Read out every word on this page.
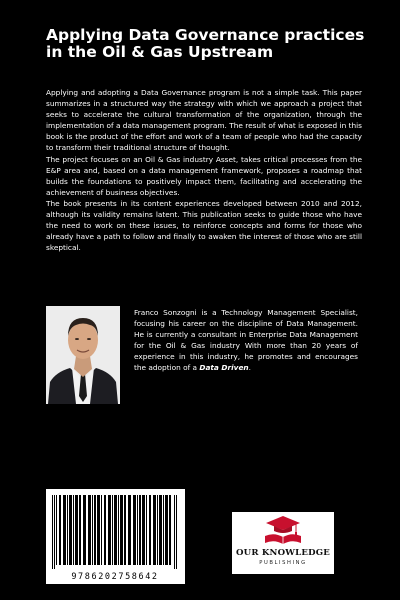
Applying Data Governance practices in the Oil & Gas Upstream

Applying and adopting a Data Governance program is not a simple task. This paper summarizes in a structured way the strategy with which we approach a project that seeks to accelerate the cultural transformation of the organization, through the implementation of a data management program. The result of what is exposed in this book is the product of the effort and work of a team of people who had the capacity to transform their traditional structure of thought.

The project focuses on an Oil & Gas industry Asset, takes critical processes from the E&P area and, based on a data management framework, proposes a roadmap that builds the foundations to positively impact them, facilitating and accelerating the achievement of business objectives.

The book presents in its content experiences developed between 2010 and 2012, although its validity remains latent. This publication seeks to guide those who have the need to work on these issues, to reinforce concepts and forms for those who already have a path to follow and finally to awaken the interest of those who are still skeptical.

Franco Sonzogni is a Technology Management Specialist, focusing his career on the discipline of Data Management. He is currently a consultant in Enterprise Data Management for the Oil & Gas industry With more than 20 years of experience in this industry, he promotes and encourages the adoption of a Data Driven.
9786202758642
OUR KNOWLEDGE
PUBLISHING
